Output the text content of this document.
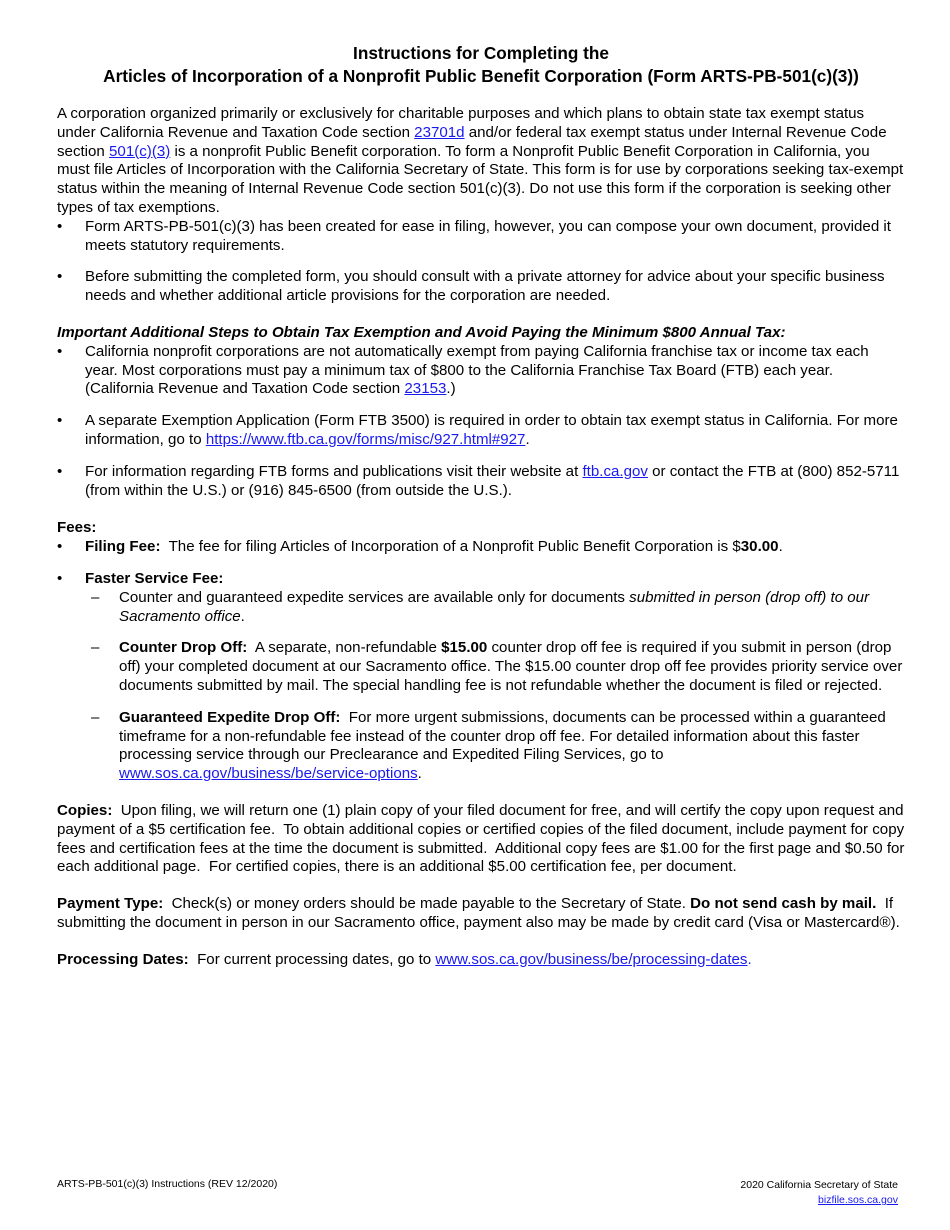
Instructions for Completing the
Articles of Incorporation of a Nonprofit Public Benefit Corporation (Form ARTS-PB-501(c)(3))

A corporation organized primarily or exclusively for charitable purposes and which plans to obtain state tax exempt status under California Revenue and Taxation Code section 23701d and/or federal tax exempt status under Internal Revenue Code section 501(c)(3) is a nonprofit Public Benefit corporation. To form a Nonprofit Public Benefit Corporation in California, you must file Articles of Incorporation with the California Secretary of State. This form is for use by corporations seeking tax-exempt status within the meaning of Internal Revenue Code section 501(c)(3). Do not use this form if the corporation is seeking other types of tax exemptions.

• Form ARTS-PB-501(c)(3) has been created for ease in filing, however, you can compose your own document, provided it meets statutory requirements.
• Before submitting the completed form, you should consult with a private attorney for advice about your specific business needs and whether additional article provisions for the corporation are needed.

Important Additional Steps to Obtain Tax Exemption and Avoid Paying the Minimum $800 Annual Tax:

• California nonprofit corporations are not automatically exempt from paying California franchise tax or income tax each year. Most corporations must pay a minimum tax of $800 to the California Franchise Tax Board (FTB) each year. (California Revenue and Taxation Code section 23153.)
• A separate Exemption Application (Form FTB 3500) is required in order to obtain tax exempt status in California. For more information, go to https://www.ftb.ca.gov/forms/misc/927.html#927.
• For information regarding FTB forms and publications visit their website at ftb.ca.gov or contact the FTB at (800) 852-5711 (from within the U.S.) or (916) 845-6500 (from outside the U.S.).

Fees:

• Filing Fee:  The fee for filing Articles of Incorporation of a Nonprofit Public Benefit Corporation is $30.00.
• Faster Service Fee:
– Counter and guaranteed expedite services are available only for documents submitted in person (drop off) to our Sacramento office.
– Counter Drop Off:  A separate, non-refundable $15.00 counter drop off fee is required if you submit in person (drop off) your completed document at our Sacramento office. The $15.00 counter drop off fee provides priority service over documents submitted by mail. The special handling fee is not refundable whether the document is filed or rejected.
– Guaranteed Expedite Drop Off:  For more urgent submissions, documents can be processed within a guaranteed timeframe for a non-refundable fee instead of the counter drop off fee. For detailed information about this faster processing service through our Preclearance and Expedited Filing Services, go to www.sos.ca.gov/business/be/service-options.

Copies:  Upon filing, we will return one (1) plain copy of your filed document for free, and will certify the copy upon request and payment of a $5 certification fee.  To obtain additional copies or certified copies of the filed document, include payment for copy fees and certification fees at the time the document is submitted.  Additional copy fees are $1.00 for the first page and $0.50 for each additional page.  For certified copies, there is an additional $5.00 certification fee, per document.

Payment Type:  Check(s) or money orders should be made payable to the Secretary of State. Do not send cash by mail.  If submitting the document in person in our Sacramento office, payment also may be made by credit card (Visa or Mastercard®).

Processing Dates:  For current processing dates, go to www.sos.ca.gov/business/be/processing-dates.

ARTS-PB-501(c)(3) Instructions (REV 12/2020)	2020 California Secretary of State
bizfile.sos.ca.gov
